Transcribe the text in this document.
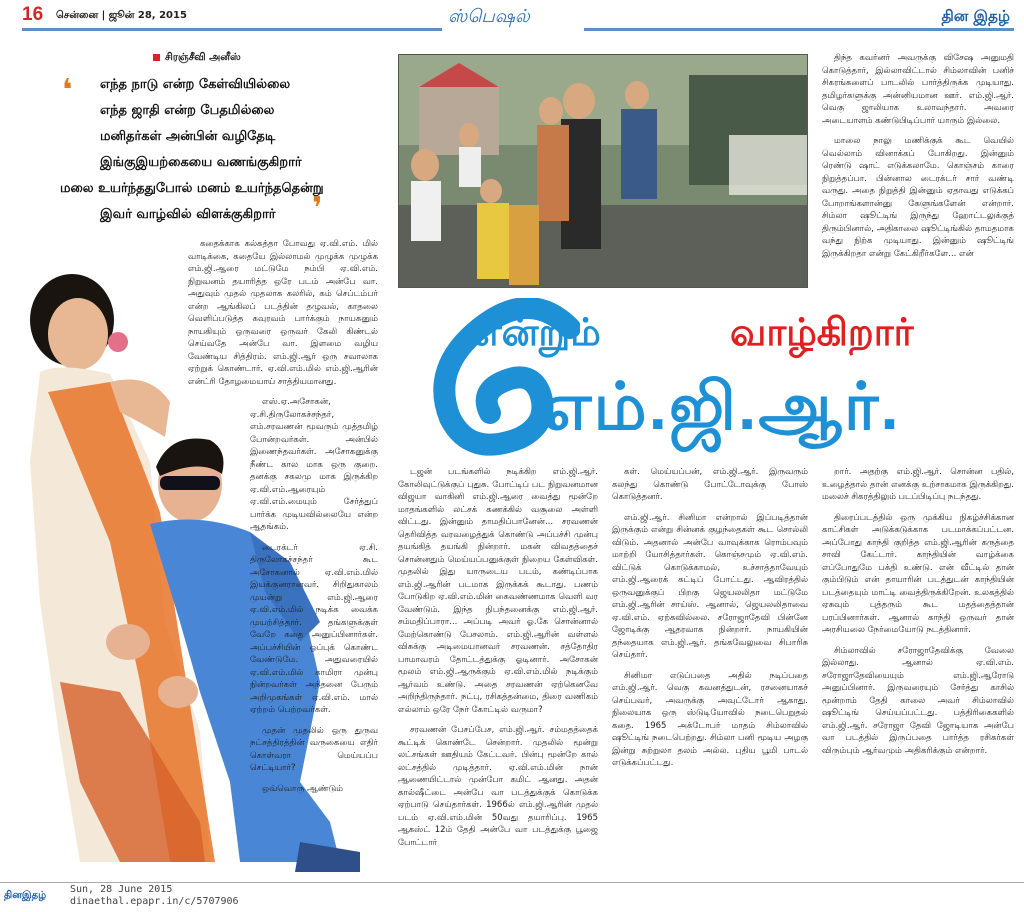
16 சென்னை | ஜூன் 28, 2015	ஸ்பெஷல்	தின இதழ்
சிரஞ்சீவி அனீஸ்
❛ எந்த நாடு என்ற கேள்வியில்லை
எந்த ஜாதி என்ற பேதமில்லை
மனிதர்கள் அன்பின் வழிதேடி
இங்குஇயற்கையை வணங்குகிறார்
மலை உயர்ந்ததுபோல் மனம் உயர்ந்ததென்று
இவர் வாழ்வில் விளக்குகிறார்	❜
என்றும்	வாழ்கிறார்
எம்.ஜி.ஆர்.

கதைக்காக கல்கத்தா போவது ஏ.வி.எம். மில் வாடிக்கை, கதையே இல்லாமல் முழுக்க முழுக்க எம்.ஜி.ஆரை மட்டுமே நம்பி ஏ.வி.எம். நிறுவனம் தயாரித்த ஒரே படம் அன்பே வா. அதுவும் முதல் முதலாக கலரில், கம் செப்டம்பர் என்ற ஆங்கிலப் படத்தின் தழுவல், காதலை வெளிப்படுத்த கவுரவம் பார்க்கும் நாயகனும் நாயகியும் ஒருவரை ஒருவர் கேலி கிண்டல் செய்வதே அன்பே வா. இளமை வழிய வேண்டிய சித்திரம். எம்.ஜி.ஆர் ஒரு சவாலாக ஏற்றுக் கொண்டார். ஏ.வி.எம்.மில் எம்.ஜி.ஆரின் என்ட்ரி தோழமையாய் சாத்தியமானது.

எஸ்.ஏ.அசோகன், ஏ.சி.திருலோகச்சந்தர், எம்.சரவணன் மூவரும் முத்தமிழ் போன்றவர்கள். அன்பில் இணைந்தவர்கள். அசோகனுக்கு நீண்ட கால மாக ஒரு குறை. தனக்கு சகலமு மாக இருக்கிற ஏ.வி.எம்.ஆரையும் ஏ.வி.எம்.மையும் சேர்த்துப் பார்க்க முடியவில்லையே என்ற ஆதங்கம்.

டைரக்டர் ஏ.சி. திருலோகச்சந்தர் கூட அசோகனால் ஏ.வி.எம்.மில் இயக்குனரானவர். சிறிதுகாலம் முயன்று எம்.ஜி.ஆரை ஏ.வி.எம்.மில் நடிக்க வைக்க முயற்சித்தார். தங்களுக்குள் வேறே கதை அனுப்பினார்கள். அப்பச்சியின் ஒப்புக் கொண்ட வேண்டுமே. அதுவரையில் ஏ.வி.எம்.மில் காமிரா முன்பு நின்றவர்கள் அந்தனை பேரும் அறிமுகங்கள் ஏ.வி.எம். மால் ஏற்றம் பெற்றவர்கள்.

முதன் முதலில் ஒரு துருவ நட்சத்திரத்தின் வருகையை எதிர் கொள்வரா மெய்யப்ப செட்டியார்?

ஒவ்வொரு ஆண்டும்

டஜன் படங்களில் நடிக்கிற எம்.ஜி.ஆர். கோலிவுட்டுக்குப் புதுசு. போட்டிப் பட நிறுவனமான விஜயா வாகினி எம்.ஜி.ஆரை வைத்து மூன்றே மாதங்களில் லட்சக் கணக்கில் வசூலை அள்ளி விட்டது. இன்னும் தாமதிப்பானேன்... சரவணன் தெரிவித்த வரவழைத்துக் கொண்டு அப்பச்சி முன்பு தயங்கித் தயங்கி நின்றார். மகன் விவதத்தைச் சொன்னதும் மெய்யப்பனுக்குள் நிறைய கேள்விகள். முதலில் இது யாருடைய படம், கண்டிப்பாக எம்.ஜி.ஆரின் படமாக இருக்கக் கூடாது. பணம் போடுகிற ஏ.வி.எம்.மின் கைவண்ணமாக வெளி வர வேண்டும். இந்த நிபந்தனைக்கு எம்.ஜி.ஆர். சம்மதிப்பாரா... அப்படி அவர் ஓ.கே சொன்னால் மேற்கொண்டு பேசலாம். எம்.ஜி.ஆரின் வள்ளல் விசுக்கு அடிமையானவர் சரவணன். சத்தோதிர பாமாவரம் தோட்டத்துக்கு ஓடினார். அசோகன் மூலம் எம்.ஜி.ஆருக்கும் ஏ.வி.எம்.மில் நடிக்கும் ஆர்வம் உண்டு. அதை சரவணன் ஏற்கெனவே அறிந்திருந்தார். நட்பு, ரசிகத்தன்மை, திரை வணிகம் எல்லாம் ஒரே நேர் கோட்டில் வருமா?

சரவணன் பேசப்பேச, எம்.ஜி.ஆர். சம்மதத்தைக் கூட்டிக் கொண்டே சென்றார். முதலில் மூன்று லட்சங்கள் ஊதியம் கேட்டவர். பின்பு மூன்றே கால் லட்சத்தில் முடித்தார். ஏ.வி.எம்.மின் நான் ஆணையிட்டால் முன்போ கமிட் ஆனது. அதன் கால்ஷீட்டை அன்பே வா படத்துக்குக் கொடுக்க ஏற்பாடு செய்தார்கள். 1966ல் எம்.ஜி.ஆரின் முதல் படம் ஏ.வி.எம்.மின் 50வது தயாரிப்பு. 1965 ஆகஸ்ட் 12ம் தேதி அன்பே வா படத்துக்கு பூஜை போட்டார்

கள். மெய்யப்பன், எம்.ஜி.ஆர். இருவரும் கலந்து கொண்டு போட்டோவுக்கு போஸ் கொடுத்தனர்.

எம்.ஜி.ஆர். சினிமா என்றால் இப்படித்தான் இருக்கும் என்று சின்னக் குழந்தைகள் கூட சொல்லி விடும். அதனால் அன்பே வாவுக்காக ரொம்பவும் மாற்றி யோசித்தார்கள். கொஞ்சமும் ஏ.வி.எம். விட்டுக் கொடுக்காமல், உச்சாத்தாவேயும் எம்.ஜி.ஆரைக் கட்டிப் போட்டது. ஆவிரத்தில் ஒருவனுக்குப் பிறகு ஜெயலலிதா மட்டுமே எம்.ஜி.ஆரின் சாய்ஸ். ஆனால், ஜெயலலிதாவை ஏ.வி.எம். ஏற்கவில்லை. சரோஜாதேவி பின்னே ஜோடிக்கு ஆதரவாக நின்றார். நாயகியின் தந்தையாக எம்.ஜி.ஆர். தங்கவேலுவை சிபாரிசு செய்தார்.

சினிமா எடுப்பதை அதில் நடிப்பதை எம்.ஜி.ஆர். வெகு கவனத்துடன், ரசனையாகச் செய்பவர், அவருக்கு அவுட்டோர் ஆகாது. நிலையாக ஒரு ஸ்டுடியோவில் நடைபெறுதல் கதை. 1965 அக்டோபர் மாதம் சிம்லாவில் ஷூட்டிங் நடைபெற்றது. சிம்லா பனி மூடிய அழகு இன்று சுற்றுலா தலம் அல்ல. புதிய பூமி பாடல் எடுக்கப்பட்டது.

திந்த கவர்னர் அவருக்கு விசேஷ அனுமதி கொடுத்தார், இல்லாவிட்டால் சிம்லாவின் பனிச் சிகரங்களைப் பாடலில் பார்த்திருக்க முடியாது. தமிழர்களுக்கு அன்னியமான ஊர். எம்.ஜி.ஆர். வெகு ஜாலியாக உலாவந்தார். அவரை அடையாளம் கண்டுபிடிப்பார் யாரும் இல்லை.

மாலை நாலு மணிக்குக் கூட வெயில் வெல்லாம் வினாக்கப் போகிறது. இன்னும் ரெண்டு ஷாட் எடுக்கலாமே. கொஞ்சம் காரை நிறுத்தப்பா. பின்னால டைரக்டர் சார் வண்டி வருது. அதை நிறுத்தி இன்னும் ஏதாவது எடுக்கப் போறாங்களான்னு கேளுங்களேன் என்றார். சிம்லா ஷூட்டிங் இருந்து ஹோட்டலுக்குத் திரும்பினால், அதிகாலை ஷூட்டிங்கில் தாமதமாக வந்து நிற்க முடியாது. இன்னும் ஷூட்டிங் இருக்கிறதா என்று கேட்கிறீர்களே... என்

றார். அதற்கு எம்.ஜி.ஆர். சொன்ன பதில், உழைத்தால் தான் எனக்கு உற்சாகமாக இருக்கிறது. மலைச் சிகரத்திலும் படப்பிடிப்பு நடந்தது.

திரைப்படத்தில் ஒரு முக்கிய நிகழ்ச்சிக்கான காட்சிகள் அடுக்கடுக்காக படமாக்கப்பட்டன. அப்போது காந்தி குறித்த எம்.ஜி.ஆரின் கருத்தை சாவி கேட்டார். காந்தியின் வாழ்க்கை எப்போதுமே பக்தி உண்டு. என் வீட்டில் தான் கும்பிடும் என் தாயாரின் படத்துடன் காந்தியின் படத்தையும் மாட்டி வைத்திருக்கிறேன். உலகத்தில் ஏசுவும் புத்தரும் கூட மதத்தைத்தான் பரப்பினார்கள். ஆனால் காந்தி ஒருவர் தான் அரசியலை நேர்மையோடு நடத்தினார்.

சிம்லாவில் சரோஜாதேவிக்கு வேலை இல்லாது. ஆனால் ஏ.வி.எம். சரோஜாதேவியையும் எம்.ஜி.ஆரோடு அனுப்பினார். இருவரையும் சேர்த்து காசில் மூன்றாம் தேதி காலை அவர் சிம்லாவில் ஷூட்டிங் செய்யப்பட்டது. பத்திரிகைகளில் எம்.ஜி.ஆர். சரோஜா தேவி ஜோடியாக அன்பே வா படத்தில் இருப்பதை பார்த்த ரசிகர்கள் விரும்பும் ஆர்வமும் அதிகரிக்கும் என்றார்.

தினஇதழ்
Sun, 28 June 2015
dinaethal.epapr.in/c/5707906
